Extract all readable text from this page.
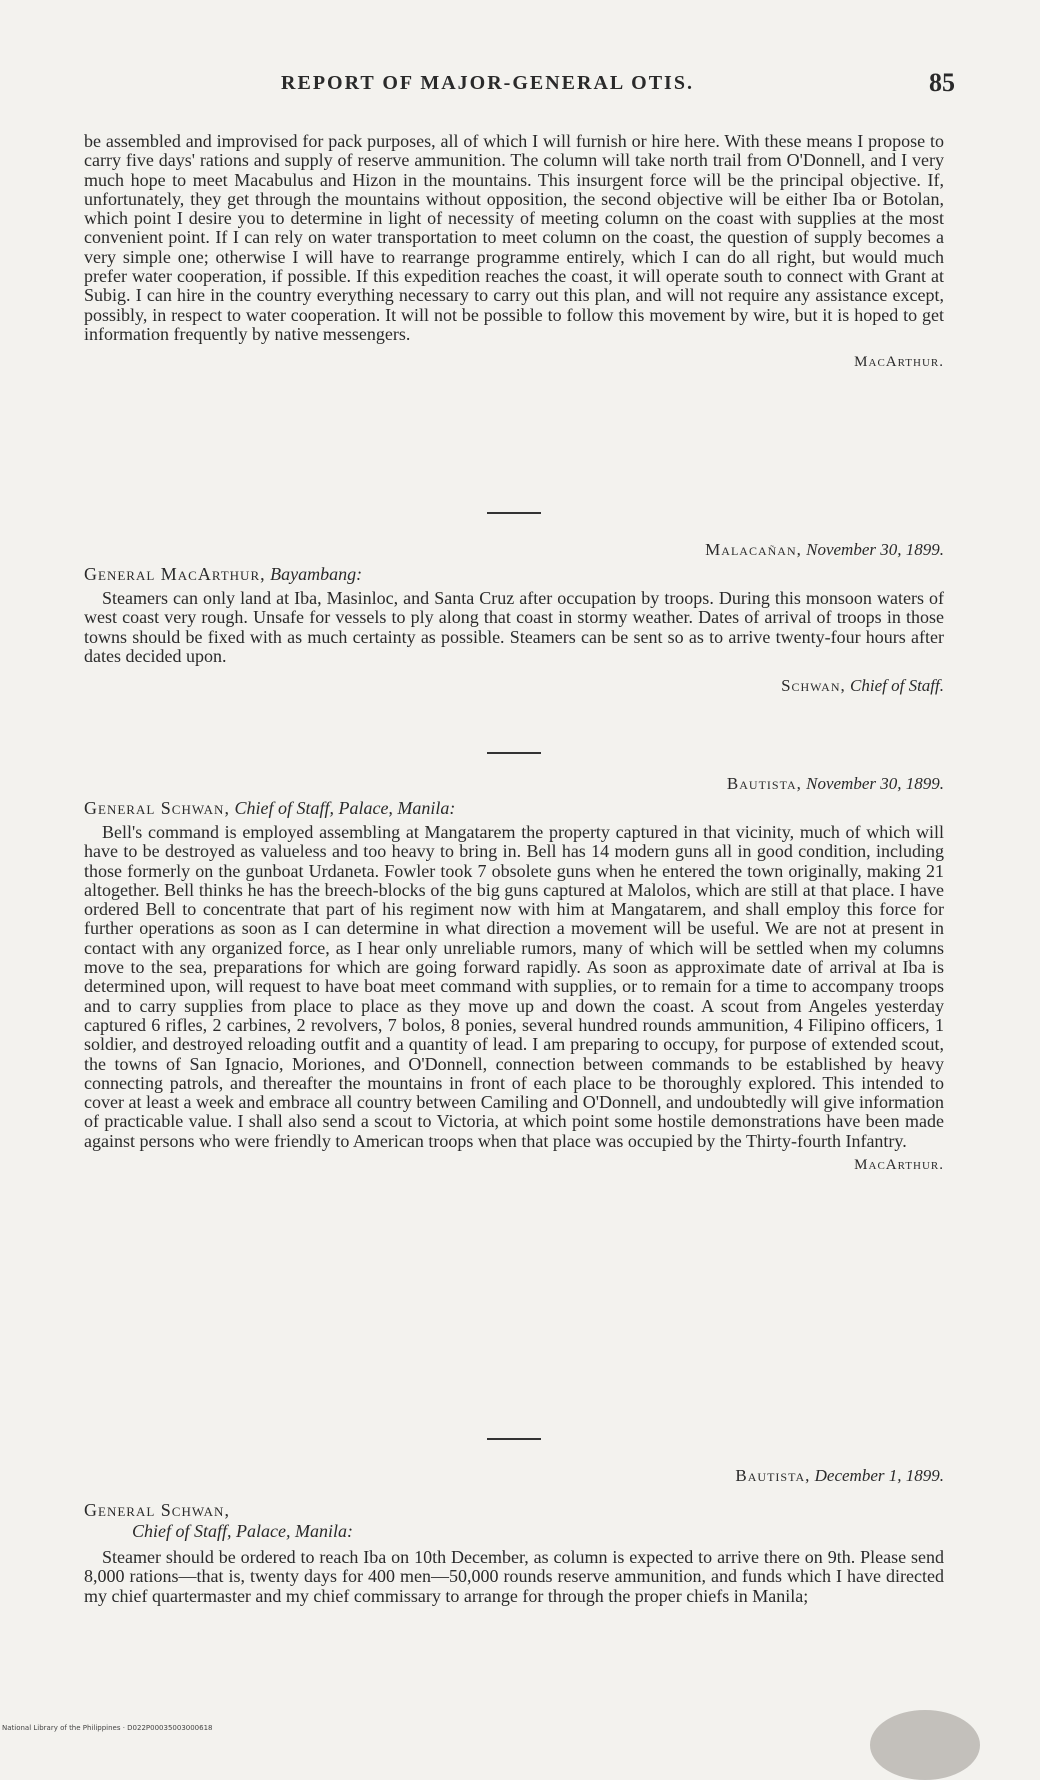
REPORT OF MAJOR-GENERAL OTIS.	85

be assembled and improvised for pack purposes, all of which I will furnish or hire here. With these means I propose to carry five days' rations and supply of reserve ammunition. The column will take north trail from O'Donnell, and I very much hope to meet Macabulus and Hizon in the mountains. This insurgent force will be the principal objective. If, unfortunately, they get through the mountains without opposition, the second objective will be either Iba or Botolan, which point I desire you to determine in light of necessity of meeting column on the coast with supplies at the most convenient point. If I can rely on water transportation to meet column on the coast, the question of supply becomes a very simple one; otherwise I will have to rearrange programme entirely, which I can do all right, but would much prefer water cooperation, if possible. If this expedition reaches the coast, it will operate south to connect with Grant at Subig. I can hire in the country everything necessary to carry out this plan, and will not require any assistance except, possibly, in respect to water cooperation. It will not be possible to follow this movement by wire, but it is hoped to get information frequently by native messengers.

MacArthur.

Malacañan, November 30, 1899.

General MacArthur, Bayambang:

Steamers can only land at Iba, Masinloc, and Santa Cruz after occupation by troops. During this monsoon waters of west coast very rough. Unsafe for vessels to ply along that coast in stormy weather. Dates of arrival of troops in those towns should be fixed with as much certainty as possible. Steamers can be sent so as to arrive twenty-four hours after dates decided upon.

Schwan, Chief of Staff.

Bautista, November 30, 1899.

General Schwan, Chief of Staff, Palace, Manila:

Bell's command is employed assembling at Mangatarem the property captured in that vicinity, much of which will have to be destroyed as valueless and too heavy to bring in. Bell has 14 modern guns all in good condition, including those formerly on the gunboat Urdaneta. Fowler took 7 obsolete guns when he entered the town originally, making 21 altogether. Bell thinks he has the breech-blocks of the big guns captured at Malolos, which are still at that place. I have ordered Bell to concentrate that part of his regiment now with him at Mangatarem, and shall employ this force for further operations as soon as I can determine in what direction a movement will be useful. We are not at present in contact with any organized force, as I hear only unreliable rumors, many of which will be settled when my columns move to the sea, preparations for which are going forward rapidly. As soon as approximate date of arrival at Iba is determined upon, will request to have boat meet command with supplies, or to remain for a time to accompany troops and to carry supplies from place to place as they move up and down the coast. A scout from Angeles yesterday captured 6 rifles, 2 carbines, 2 revolvers, 7 bolos, 8 ponies, several hundred rounds ammunition, 4 Filipino officers, 1 soldier, and destroyed reloading outfit and a quantity of lead. I am preparing to occupy, for purpose of extended scout, the towns of San Ignacio, Moriones, and O'Donnell, connection between commands to be established by heavy connecting patrols, and thereafter the mountains in front of each place to be thoroughly explored. This intended to cover at least a week and embrace all country between Camiling and O'Donnell, and undoubtedly will give information of practicable value. I shall also send a scout to Victoria, at which point some hostile demonstrations have been made against persons who were friendly to American troops when that place was occupied by the Thirty-fourth Infantry.

MacArthur.

Bautista, December 1, 1899.

General Schwan,

Chief of Staff, Palace, Manila:

Steamer should be ordered to reach Iba on 10th December, as column is expected to arrive there on 9th. Please send 8,000 rations—that is, twenty days for 400 men—50,000 rounds reserve ammunition, and funds which I have directed my chief quartermaster and my chief commissary to arrange for through the proper chiefs in Manila;

National Library of the Philippines · D022P00035003000618
